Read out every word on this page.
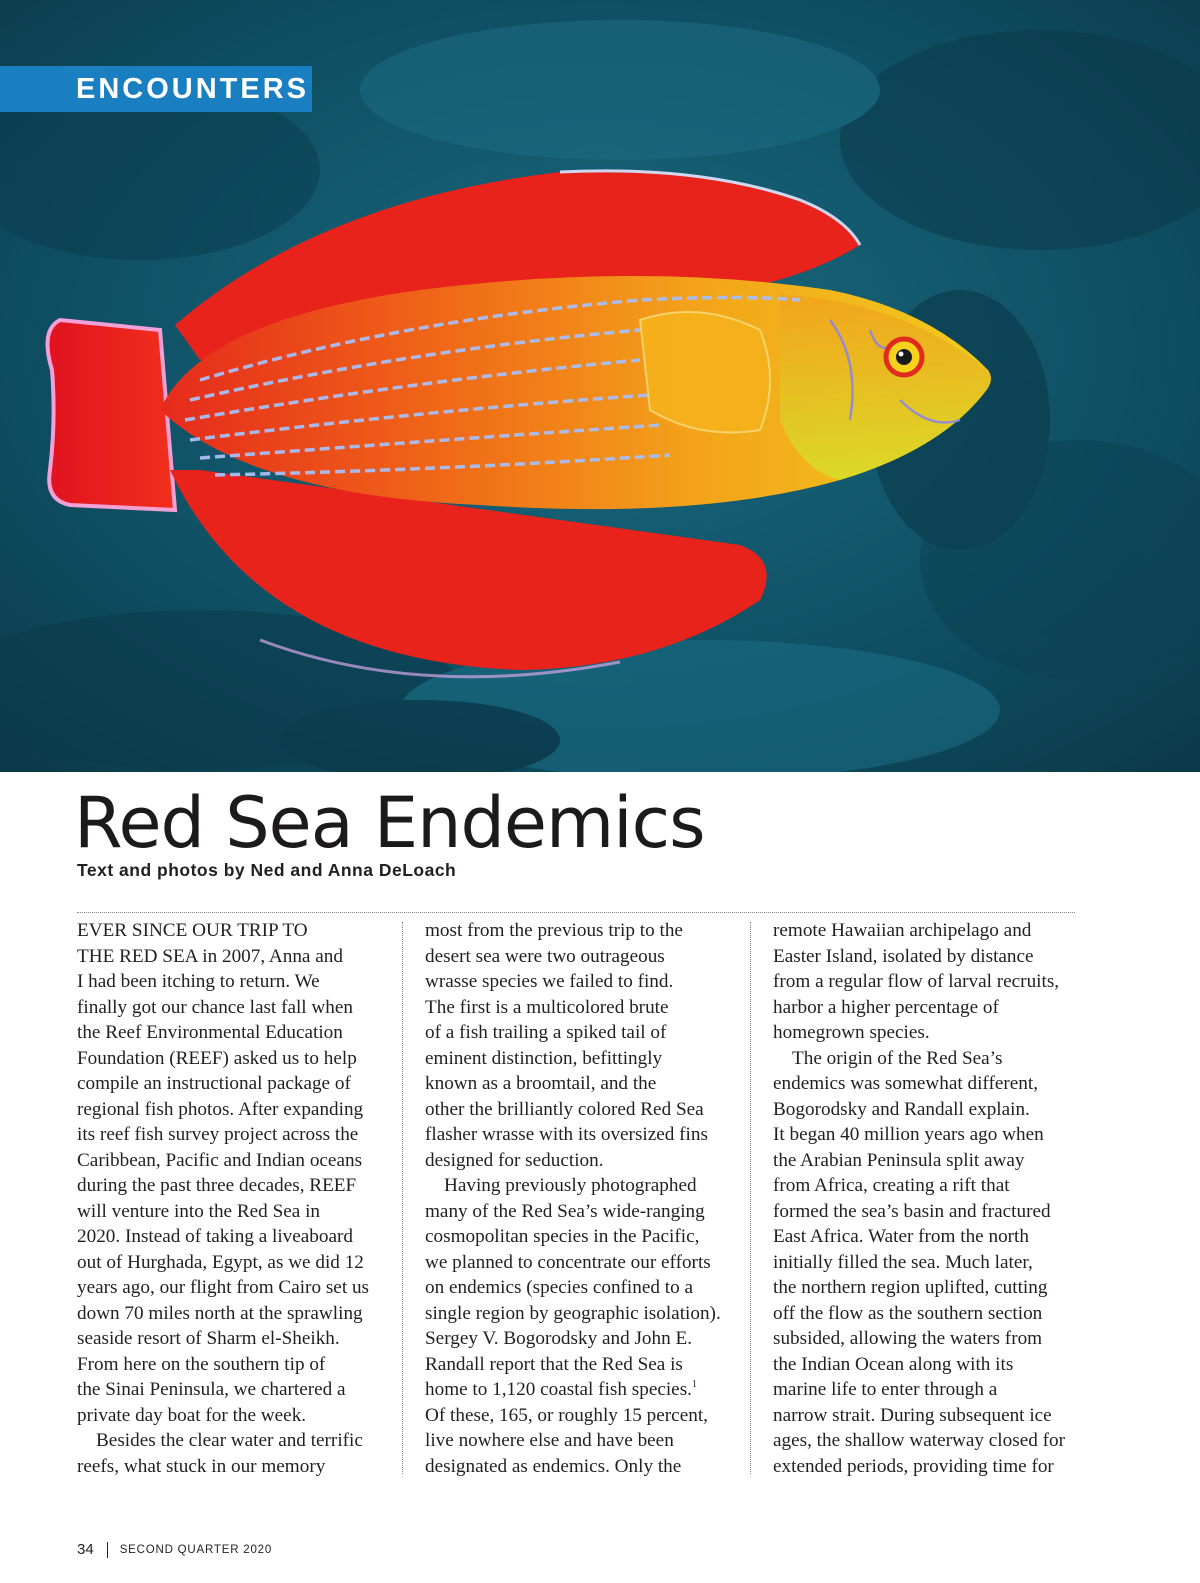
ENCOUNTERS
Red Sea Endemics
Text and photos by Ned and Anna DeLoach
EVER SINCE OUR TRIP TO
THE RED SEA in 2007, Anna and
I had been itching to return. We
finally got our chance last fall when
the Reef Environmental Education
Foundation (REEF) asked us to help
compile an instructional package of
regional fish photos. After expanding
its reef fish survey project across the
Caribbean, Pacific and Indian oceans
during the past three decades, REEF
will venture into the Red Sea in
2020. Instead of taking a liveaboard
out of Hurghada, Egypt, as we did 12
years ago, our flight from Cairo set us
down 70 miles north at the sprawling
seaside resort of Sharm el-Sheikh.
From here on the southern tip of
the Sinai Peninsula, we chartered a
private day boat for the week.
Besides the clear water and terrific
reefs, what stuck in our memory
most from the previous trip to the
desert sea were two outrageous
wrasse species we failed to find.
The first is a multicolored brute
of a fish trailing a spiked tail of
eminent distinction, befittingly
known as a broomtail, and the
other the brilliantly colored Red Sea
flasher wrasse with its oversized fins
designed for seduction.
Having previously photographed
many of the Red Sea’s wide-ranging
cosmopolitan species in the Pacific,
we planned to concentrate our efforts
on endemics (species confined to a
single region by geographic isolation).
Sergey V. Bogorodsky and John E.
Randall report that the Red Sea is
home to 1,120 coastal fish species.$^1$
Of these, 165, or roughly 15 percent,
live nowhere else and have been
designated as endemics. Only the
remote Hawaiian archipelago and
Easter Island, isolated by distance
from a regular flow of larval recruits,
harbor a higher percentage of
homegrown species.
The origin of the Red Sea’s
endemics was somewhat different,
Bogorodsky and Randall explain.
It began 40 million years ago when
the Arabian Peninsula split away
from Africa, creating a rift that
formed the sea’s basin and fractured
East Africa. Water from the north
initially filled the sea. Much later,
the northern region uplifted, cutting
off the flow as the southern section
subsided, allowing the waters from
the Indian Ocean along with its
marine life to enter through a
narrow strait. During subsequent ice
ages, the shallow waterway closed for
extended periods, providing time for
34 SECOND QUARTER 2020
